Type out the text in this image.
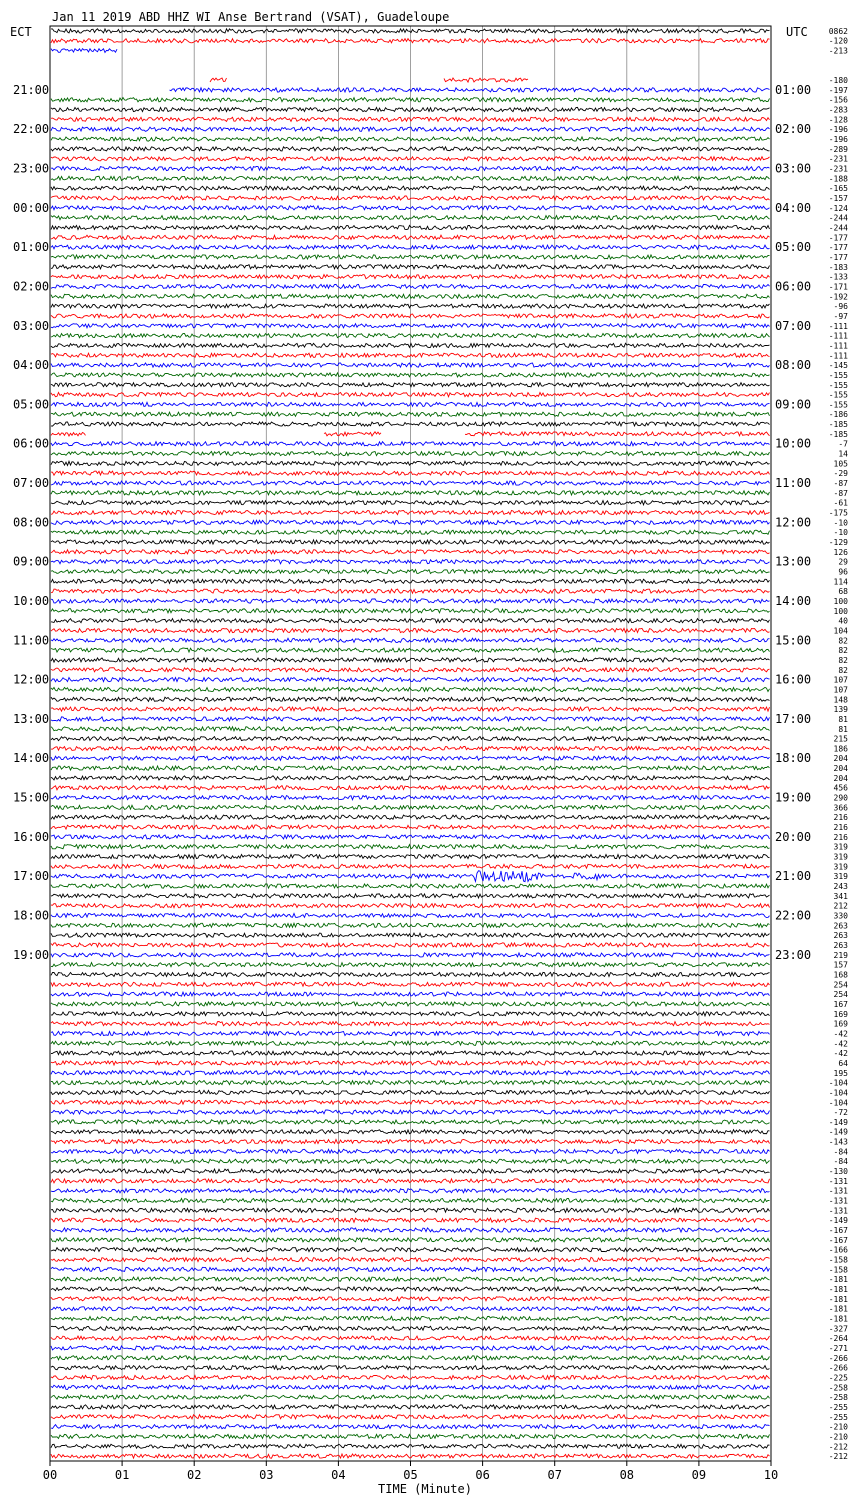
Jan 11 2019 ABD HHZ WI Anse Bertrand (VSAT), Guadeloupe
ECT	UTC
21:00
22:00
23:00
00:00
01:00
02:00
03:00
04:00
05:00
06:00
07:00
08:00
09:00
10:00
11:00
12:00
13:00
14:00
15:00
16:00
17:00
18:00
19:00
01:00
02:00
03:00
04:00
05:00
06:00
07:00
08:00
09:00
10:00
11:00
12:00
13:00
14:00
15:00
16:00
17:00
18:00
19:00
20:00
21:00
22:00
23:00
0862
-120
-213
-180
-197
-156
-283
-128
-196
-196
-289
-231
-231
-188
-165
-157
-124
-244
-244
-177
-177
-177
-183
-133
-171
-192
-96
-97
-111
-111
-111
-111
-145
-155
-155
-155
-155
-186
-185
-185
-7
14
105
-29
-87
-87
-61
-175
-10
-10
-129
126
29
96
114
68
100
100
40
104
82
82
82
82
107
107
148
139
81
81
215
186
204
204
204
456
290
366
216
216
216
319
319
319
319
243
341
212
330
263
263
263
219
157
168
254
254
167
169
169
-42
-42
-42
64
195
-104
-104
-104
-72
-149
-149
-143
-84
-84
-130
-131
-131
-131
-131
-149
-167
-167
-166
-158
-158
-181
-181
-181
-181
-181
-327
-264
-271
-266
-266
-225
-258
-258
-255
-255
-210
-210
-212
-212
00	01	02	03	04	05	06	07	08	09	10
TIME (Minute)
